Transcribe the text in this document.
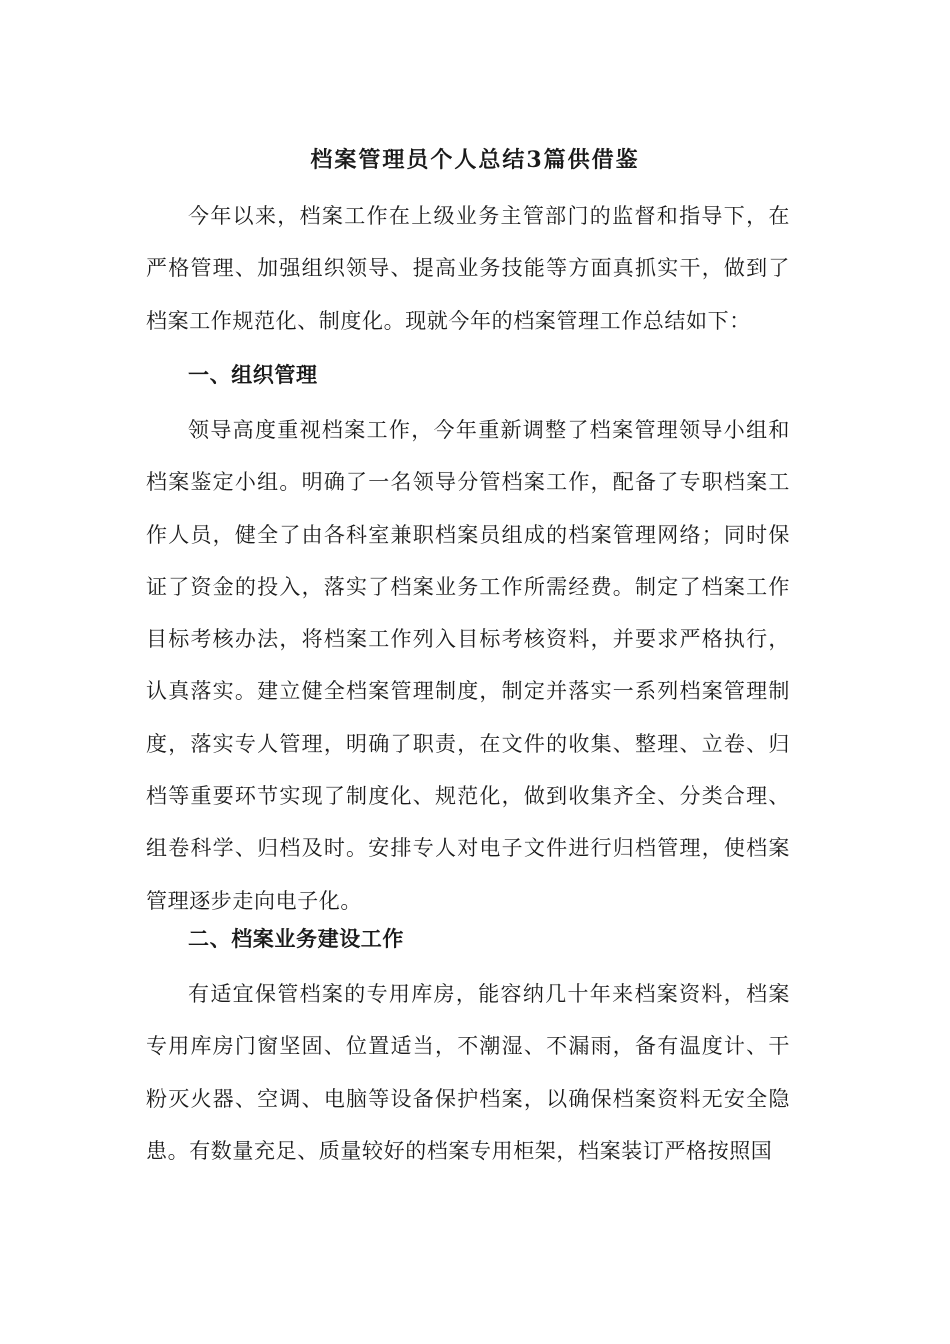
档案管理员个人总结3篇供借鉴

今年以来，档案工作在上级业务主管部门的监督和指导下，在严格管理、加强组织领导、提高业务技能等方面真抓实干，做到了档案工作规范化、制度化。现就今年的档案管理工作总结如下：

一、组织管理

领导高度重视档案工作，今年重新调整了档案管理领导小组和档案鉴定小组。明确了一名领导分管档案工作，配备了专职档案工作人员，健全了由各科室兼职档案员组成的档案管理网络；同时保证了资金的投入，落实了档案业务工作所需经费。制定了档案工作目标考核办法，将档案工作列入目标考核资料，并要求严格执行，认真落实。建立健全档案管理制度，制定并落实一系列档案管理制度，落实专人管理，明确了职责，在文件的收集、整理、立卷、归档等重要环节实现了制度化、规范化，做到收集齐全、分类合理、组卷科学、归档及时。安排专人对电子文件进行归档管理，使档案管理逐步走向电子化。

二、档案业务建设工作

有适宜保管档案的专用库房，能容纳几十年来档案资料，档案专用库房门窗坚固、位置适当，不潮湿、不漏雨，备有温度计、干粉灭火器、空调、电脑等设备保护档案，以确保档案资料无安全隐患。有数量充足、质量较好的档案专用柜架，档案装订严格按照国
